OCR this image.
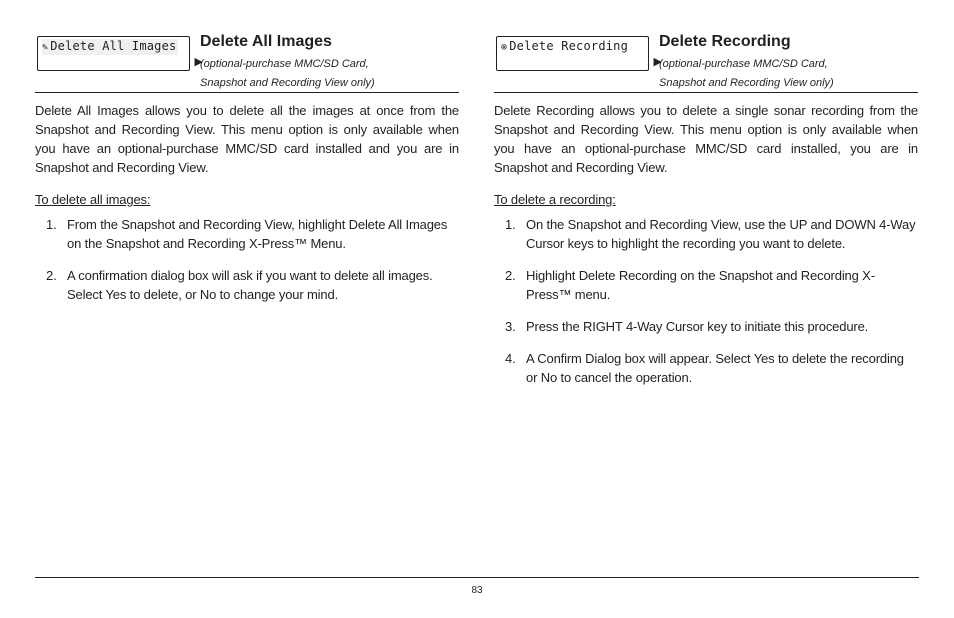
✎ Delete All Images
▶
Delete All Images
(optional-purchase MMC/SD Card,
Snapshot and Recording View only)

Delete All Images allows you to delete all the images at once from the Snapshot and Recording View. This menu option is only available when you have an optional-purchase MMC/SD card installed and you are in Snapshot and Recording View.

To delete all images:
1. From the Snapshot and Recording View, highlight Delete All Images on the Snapshot and Recording X-Press™ Menu.
2. A confirmation dialog box will ask if you want to delete all images. Select Yes to delete, or No to change your mind.
⊗ Delete Recording
▶
Delete Recording
(optional-purchase MMC/SD Card,
Snapshot and Recording View only)

Delete Recording allows you to delete a single sonar recording from the Snapshot and Recording View. This menu option is only available when you have an optional-purchase MMC/SD card installed, you are in Snapshot and Recording View.

To delete a recording:
1. On the Snapshot and Recording View, use the UP and DOWN 4-Way Cursor keys to highlight the recording you want to delete.
2. Highlight Delete Recording on the Snapshot and Recording X-Press™ menu.
3. Press the RIGHT 4-Way Cursor key to initiate this procedure.
4. A Confirm Dialog box will appear. Select Yes to delete the recording or No to cancel the operation.
83
